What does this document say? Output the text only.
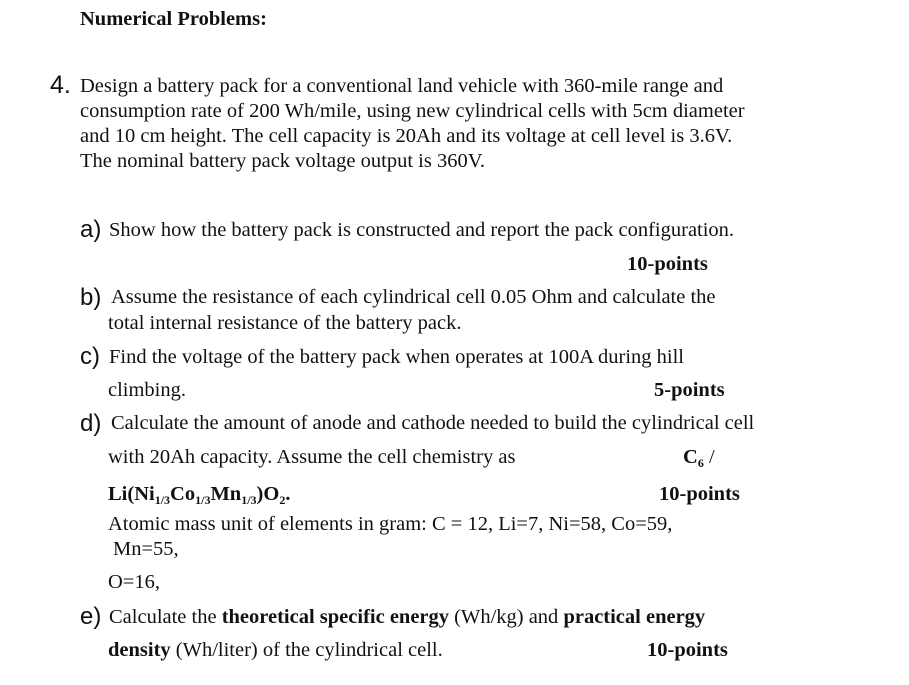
Numerical Problems:
4. Design a battery pack for a conventional land vehicle with 360-mile range and
consumption rate of 200 Wh/mile, using new cylindrical cells with 5cm diameter
and 10 cm height. The cell capacity is 20Ah and its voltage at cell level is 3.6V.
The nominal battery pack voltage output is 360V.
a) Show how the battery pack is constructed and report the pack configuration.
10-points
b) Assume the resistance of each cylindrical cell 0.05 Ohm and calculate the
total internal resistance of the battery pack.
c) Find the voltage of the battery pack when operates at 100A during hill
climbing.	5-points
d) Calculate the amount of anode and cathode needed to build the cylindrical cell
with 20Ah capacity. Assume the cell chemistry as	$C_6$ /
$Li(Ni_{1/3}Co_{1/3}Mn_{1/3})O_2$.	10-points
Atomic mass unit of elements in gram: C = 12, Li=7, Ni=58, Co=59,
Mn=55,
O=16,
e) Calculate the theoretical specific energy (Wh/kg) and practical energy
density (Wh/liter) of the cylindrical cell.	10-points
